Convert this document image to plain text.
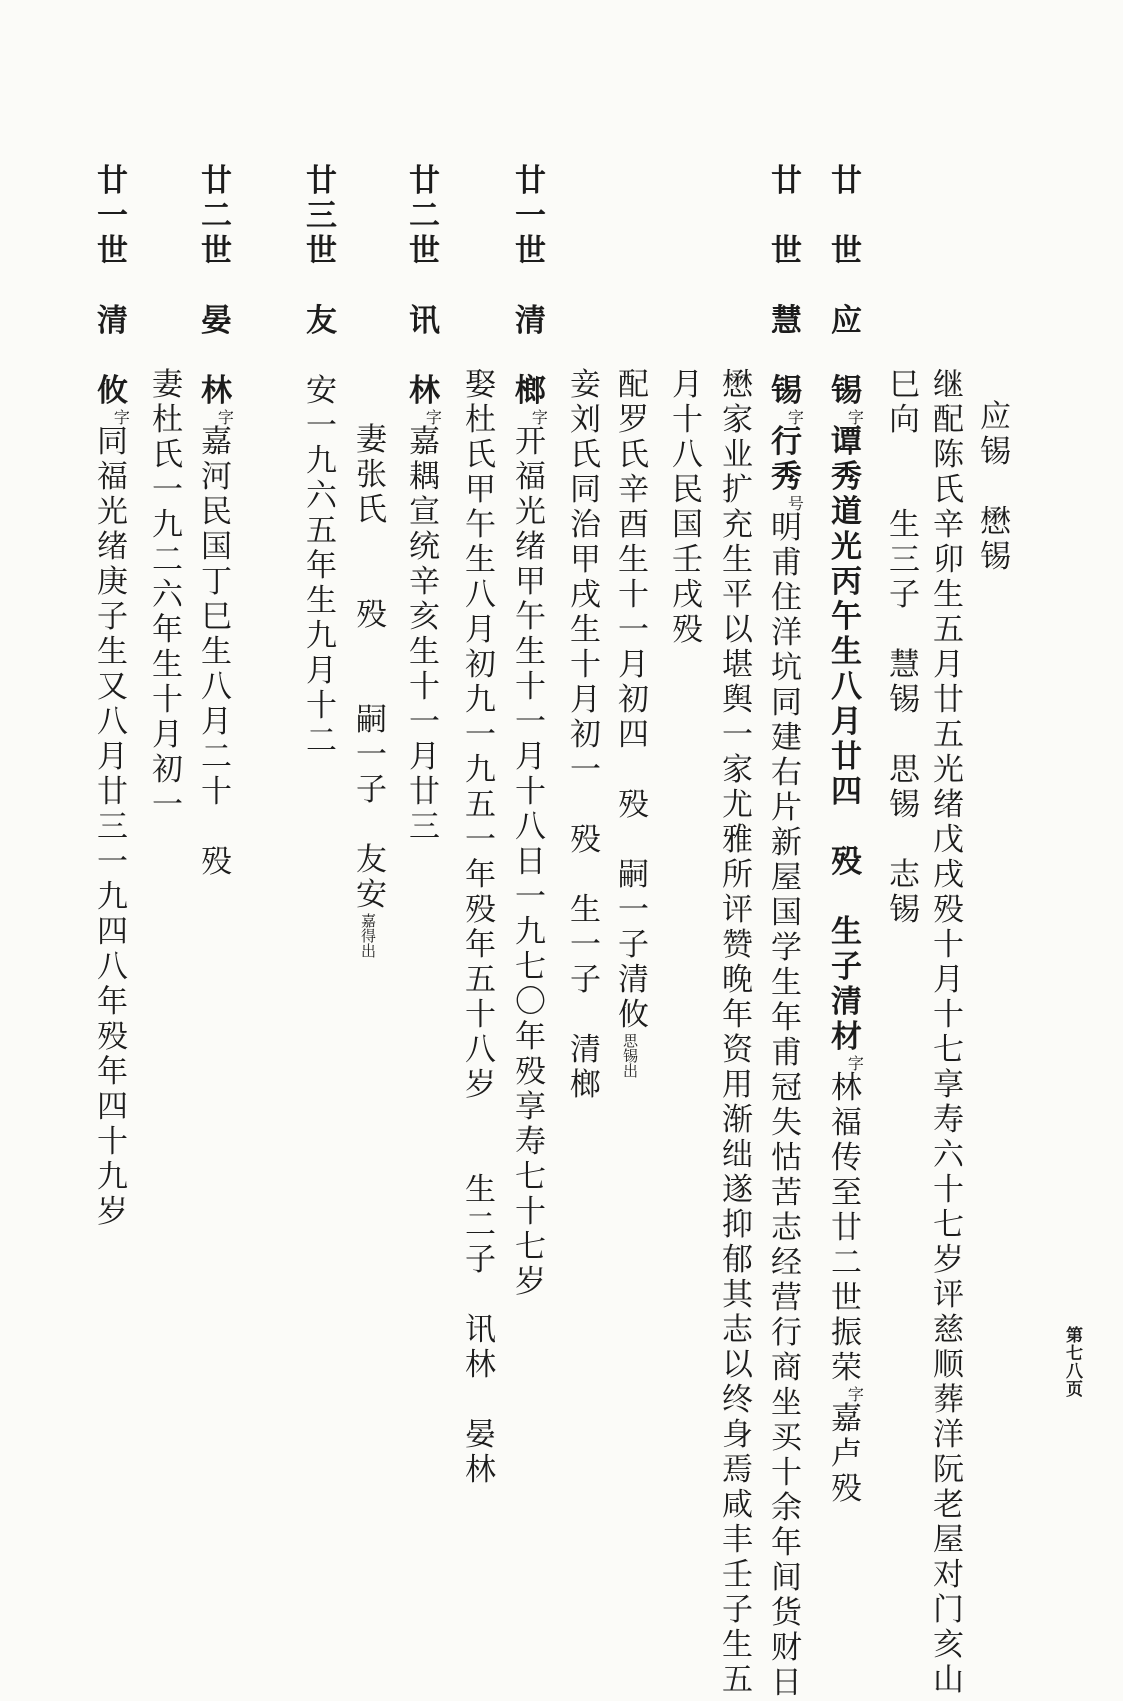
应锡　懋锡

继配陈氏辛卯生五月廿五光绪戊戌殁十月十七享寿六十七岁评慈顺葬洋阮老屋对门亥山

巳向　　生三子　慧锡　思锡　志锡

廿　世　应　锡$^字$谭秀道光丙午生八月廿四　殁　生子清材$^字$林福传至廿二世振荣$^字$嘉卢殁

廿　世　慧　锡$^字$行秀$^号$明甫住洋坑同建右片新屋国学生年甫冠失怙苦志经营行商坐买十余年间货财日

懋家业扩充生平以堪舆一家尤雅所评赞晚年资用渐绌遂抑郁其志以终身焉咸丰壬子生五

月十八民国壬戌殁

配罗氏辛酉生十一月初四　殁　嗣一子清攸思锡出

妾刘氏同治甲戌生十月初一　殁　生一子　清榔

廿一世　清　榔$^字$开福光绪甲午生十一月十八日一九七〇年殁享寿七十七岁

娶杜氏甲午生八月初九一九五一年殁年五十八岁　　生二子　讯林　晏林

廿二世　讯　林$^字$嘉耦宣统辛亥生十一月廿三

妻张氏　　殁　　嗣一子　友安嘉得出

廿三世　友　安一九六五年生九月十二

廿二世　晏　林$^字$嘉河民国丁巳生八月二十　殁

妻杜氏一九二六年生十月初一

廿一世　清　攸$^字$同福光绪庚子生又八月廿三一九四八年殁年四十九岁

第七八页
